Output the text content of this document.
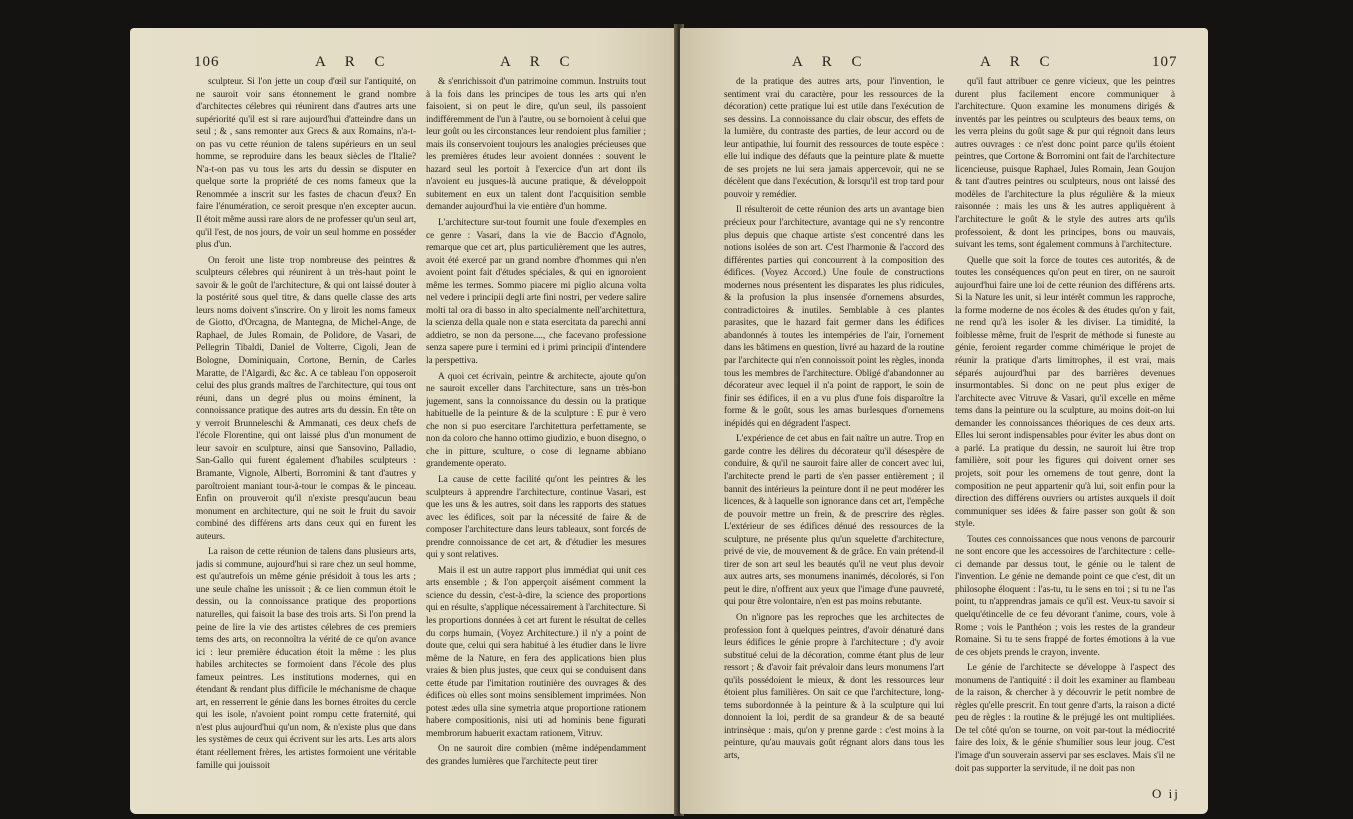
106	A R C	A R C

sculpteur. Si l'on jette un coup d'œil sur l'antiquité, on ne sauroit voir sans étonnement le grand nombre d'architectes célebres qui réunirent dans d'autres arts une supériorité qu'il est si rare aujourd'hui d'atteindre dans un seul ; & , sans remonter aux Grecs & aux Romains, n'a-t-on pas vu cette réunion de talens supérieurs en un seul homme, se reproduire dans les beaux siècles de l'Italie? N'a-t-on pas vu tous les arts du dessin se disputer en quelque sorte la propriété de ces noms fameux que la Renommée a inscrit sur les fastes de chacun d'eux? En faire l'énumération, ce seroit presque n'en excepter aucun. Il étoit même aussi rare alors de ne professer qu'un seul art, qu'il l'est, de nos jours, de voir un seul homme en posséder plus d'un.

On feroit une liste trop nombreuse des peintres & sculpteurs célebres qui réunirent à un très-haut point le savoir & le goût de l'architecture, & qui ont laissé douter à la postérité sous quel titre, & dans quelle classe des arts leurs noms doivent s'inscrire. On y liroit les noms fameux de Giotto, d'Orcagna, de Mantegna, de Michel-Ange, de Raphael, de Jules Romain, de Polidore, de Vasari, de Pellegrin Tibaldi, Daniel de Volterre, Cigoli, Jean de Bologne, Dominiquain, Cortone, Bernin, de Carles Maratte, de l'Algardi, &c &c. A ce tableau l'on opposeroit celui des plus grands maîtres de l'architecture, qui tous ont réuni, dans un degré plus ou moins éminent, la connoissance pratique des autres arts du dessin. En tête on y verroit Brunneleschi & Ammanati, ces deux chefs de l'école Florentine, qui ont laissé plus d'un monument de leur savoir en sculpture, ainsi que Sansovino, Palladio, San-Gallo qui furent également d'habiles sculpteurs : Bramante, Vignole, Alberti, Borromini & tant d'autres y paroîtroient maniant tour-à-tour le compas & le pinceau. Enfin on prouveroit qu'il n'existe presqu'aucun beau monument en architecture, qui ne soit le fruit du savoir combiné des différens arts dans ceux qui en furent les auteurs.

La raison de cette réunion de talens dans plusieurs arts, jadis si commune, aujourd'hui si rare chez un seul homme, est qu'autrefois un même génie présidoit à tous les arts ; une seule chaîne les unissoit ; & ce lien commun étoit le dessin, ou la connoissance pratique des proportions naturelles, qui faisoit la base des trois arts. Si l'on prend la peine de lire la vie des artistes célebres de ces premiers tems des arts, on reconnoîtra la vérité de ce qu'on avance ici : leur première éducation étoit la même : les plus habiles architectes se formoient dans l'école des plus fameux peintres. Les institutions modernes, qui en étendant & rendant plus difficile le méchanisme de chaque art, en resserrent le génie dans les bornes étroites du cercle qui les isole, n'avoient point rompu cette fraternité, qui n'est plus aujourd'hui qu'un nom, & n'existe plus que dans les systèmes de ceux qui écrivent sur les arts. Les arts alors étant réellement frères, les artistes formoient une véritable famille qui jouissoit

& s'enrichissoit d'un patrimoine commun. Instruits tout à la fois dans les principes de tous les arts qui n'en faisoient, si on peut le dire, qu'un seul, ils passoient indifféremment de l'un à l'autre, ou se bornoient à celui que leur goût ou les circonstances leur rendoient plus familier ; mais ils conservoient toujours les analogies précieuses que les premières études leur avoient données : souvent le hazard seul les portoit à l'exercice d'un art dont ils n'avoient eu jusques-là aucune pratique, & développoit subitement en eux un talent dont l'acquisition semble demander aujourd'hui la vie entière d'un homme.

L'architecture sur-tout fournit une foule d'exemples en ce genre : Vasari, dans la vie de Baccio d'Agnolo, remarque que cet art, plus particulièrement que les autres, avoit été exercé par un grand nombre d'hommes qui n'en avoient point fait d'études spéciales, & qui en ignoroient même les termes. Sommo piacere mi piglio alcuna volta nel vedere i principii degli arte fini nostri, per vedere salire molti tal ora di basso in alto specialmente nell'architettura, la scienza della quale non e stata esercitata da parechi anni addietro, se non da persone...., che facevano professione senza sapere pure i termini ed i primi principii d'intendere la perspettiva.

A quoi cet écrivain, peintre & architecte, ajoute qu'on ne sauroit exceller dans l'architecture, sans un très-bon jugement, sans la connoissance du dessin ou la pratique habituelle de la peinture & de la sculpture : E pur è vero che non si puo esercitare l'architettura perfettamente, se non da coloro che hanno ottimo giudizio, e buon disegno, o che in pitture, sculture, o cose di legname abbiano grandemente operato.

La cause de cette facilité qu'ont les peintres & les sculpteurs à apprendre l'architecture, continue Vasari, est que les uns & les autres, soit dans les rapports des statues avec les édifices, soit par la nécessité de faire & de composer l'architecture dans leurs tableaux, sont forcés de prendre connoissance de cet art, & d'étudier les mesures qui y sont relatives.

Mais il est un autre rapport plus immédiat qui unit ces arts ensemble ; & l'on apperçoit aisément comment la science du dessin, c'est-à-dire, la science des proportions qui en résulte, s'applique nécessairement à l'architecture. Si les proportions données à cet art furent le résultat de celles du corps humain, (Voyez Architecture.) il n'y a point de doute que, celui qui sera habitué à les étudier dans le livre même de la Nature, en fera des applications bien plus vraies & bien plus justes, que ceux qui se conduisent dans cette étude par l'imitation routinière des ouvrages & des édifices où elles sont moins sensiblement imprimées. Non potest ædes ulla sine symetria atque proportione rationem habere compositionis, nisi uti ad hominis bene figurati membrorum habuerit exactam rationem, Vitruv.

On ne sauroit dire combien (même indépendamment des grandes lumières que l'architecte peut tirer

A R C	A R C	107

de la pratique des autres arts, pour l'invention, le sentiment vrai du caractère, pour les ressources de la décoration) cette pratique lui est utile dans l'exécution de ses dessins. La connoissance du clair obscur, des effets de la lumière, du contraste des parties, de leur accord ou de leur antipathie, lui fournit des ressources de toute espèce : elle lui indique des défauts que la peinture plate & muette de ses projets ne lui sera jamais appercevoir, qui ne se décèlent que dans l'exécution, & lorsqu'il est trop tard pour pouvoir y remédier.

Il résulteroit de cette réunion des arts un avantage bien précieux pour l'architecture, avantage qui ne s'y rencontre plus depuis que chaque artiste s'est concentré dans les notions isolées de son art. C'est l'harmonie & l'accord des différentes parties qui concourrent à la composition des édifices. (Voyez Accord.) Une foule de constructions modernes nous présentent les disparates les plus ridicules, & la profusion la plus insensée d'ornemens absurdes, contradictoires & inutiles. Semblable à ces plantes parasites, que le hazard fait germer dans les édifices abandonnés à toutes les intempéries de l'air, l'ornement dans les bâtimens en question, livré au hazard de la routine par l'architecte qui n'en connoissoit point les règles, inonda tous les membres de l'architecture. Obligé d'abandonner au décorateur avec lequel il n'a point de rapport, le soin de finir ses édifices, il en a vu plus d'une fois disparoître la forme & le goût, sous les amas burlesques d'ornemens inépidés qui en dégradent l'aspect.

L'expérience de cet abus en fait naître un autre. Trop en garde contre les délires du décorateur qu'il désespère de conduire, & qu'il ne sauroit faire aller de concert avec lui, l'architecte prend le parti de s'en passer entièrement ; il bannit des intérieurs la peinture dont il ne peut modérer les licences, & à laquelle son ignorance dans cet art, l'empêche de pouvoir mettre un frein, & de prescrire des règles. L'extérieur de ses édifices dénué des ressources de la sculpture, ne présente plus qu'un squelette d'architecture, privé de vie, de mouvement & de grâce. En vain prétend-il tirer de son art seul les beautés qu'il ne veut plus devoir aux autres arts, ses monumens inanimés, décolorés, si l'on peut le dire, n'offrent aux yeux que l'image d'une pauvreté, qui pour être volontaire, n'en est pas moins rebutante.

On n'ignore pas les reproches que les architectes de profession font à quelques peintres, d'avoir dénaturé dans leurs édifices le génie propre à l'architecture ; d'y avoir substitué celui de la décoration, comme étant plus de leur ressort ; & d'avoir fait prévaloir dans leurs monumens l'art qu'ils possédoient le mieux, & dont les ressources leur étoient plus familières. On sait ce que l'architecture, long-tems subordonnée à la peinture & à la sculpture qui lui donnoient la loi, perdit de sa grandeur & de sa beauté intrinsèque : mais, qu'on y prenne garde : c'est moins à la peinture, qu'au mauvais goût régnant alors dans tous les arts,

qu'il faut attribuer ce genre vicieux, que les peintres durent plus facilement encore communiquer à l'architecture. Quon examine les monumens dirigés & inventés par les peintres ou sculpteurs des beaux tems, on les verra pleins du goût sage & pur qui régnoit dans leurs autres ouvrages : ce n'est donc point parce qu'ils étoient peintres, que Cortone & Borromini ont fait de l'architecture licencieuse, puisque Raphael, Jules Romain, Jean Goujon & tant d'autres peintres ou sculpteurs, nous ont laissé des modèles de l'architecture la plus régulière & la mieux raisonnée : mais les uns & les autres appliquèrent à l'architecture le goût & le style des autres arts qu'ils professoient, & dont les principes, bons ou mauvais, suivant les tems, sont également communs à l'architecture.

Quelle que soit la force de toutes ces autorités, & de toutes les conséquences qu'on peut en tirer, on ne sauroit aujourd'hui faire une loi de cette réunion des différens arts. Si la Nature les unit, si leur intérêt commun les rapproche, la forme moderne de nos écoles & des études qu'on y fait, ne rend qu'à les isoler & les diviser. La timidité, la foiblesse même, fruit de l'esprit de méthode si funeste au génie, feroient regarder comme chimérique le projet de réunir la pratique d'arts limitrophes, il est vrai, mais séparés aujourd'hui par des barrières devenues insurmontables. Si donc on ne peut plus exiger de l'architecte avec Vitruve & Vasari, qu'il excelle en même tems dans la peinture ou la sculpture, au moins doit-on lui demander les connoissances théoriques de ces deux arts. Elles lui seront indispensables pour éviter les abus dont on a parlé. La pratique du dessin, ne sauroit lui être trop familière, soit pour les figures qui doivent orner ses projets, soit pour les ornemens de tout genre, dont la composition ne peut appartenir qu'à lui, soit enfin pour la direction des différens ouvriers ou artistes auxquels il doit communiquer ses idées & faire passer son goût & son style.

Toutes ces connoissances que nous venons de parcourir ne sont encore que les accessoires de l'architecture : celle-ci demande par dessus tout, le génie ou le talent de l'invention. Le génie ne demande point ce que c'est, dit un philosophe éloquent : l'as-tu, tu le sens en toi ; si tu ne l'as point, tu n'apprendras jamais ce qu'il est. Veux-tu savoir si quelqu'étincelle de ce feu dévorant t'anime, cours, vole à Rome ; vois le Panthéon ; vois les restes de la grandeur Romaine. Si tu te sens frappé de fortes émotions à la vue de ces objets prends le crayon, invente.

Le génie de l'architecte se développe à l'aspect des monumens de l'antiquité : il doit les examiner au flambeau de la raison, & chercher à y découvrir le petit nombre de règles qu'elle prescrit. En tout genre d'arts, la raison a dicté peu de règles : la routine & le préjugé les ont multipliées. De tel côté qu'on se tourne, on voit par-tout la médiocrité faire des loix, & le génie s'humilier sous leur joug. C'est l'image d'un souverain asservi par ses esclaves. Mais s'il ne doit pas supporter la servitude, il ne doit pas non

O ij
